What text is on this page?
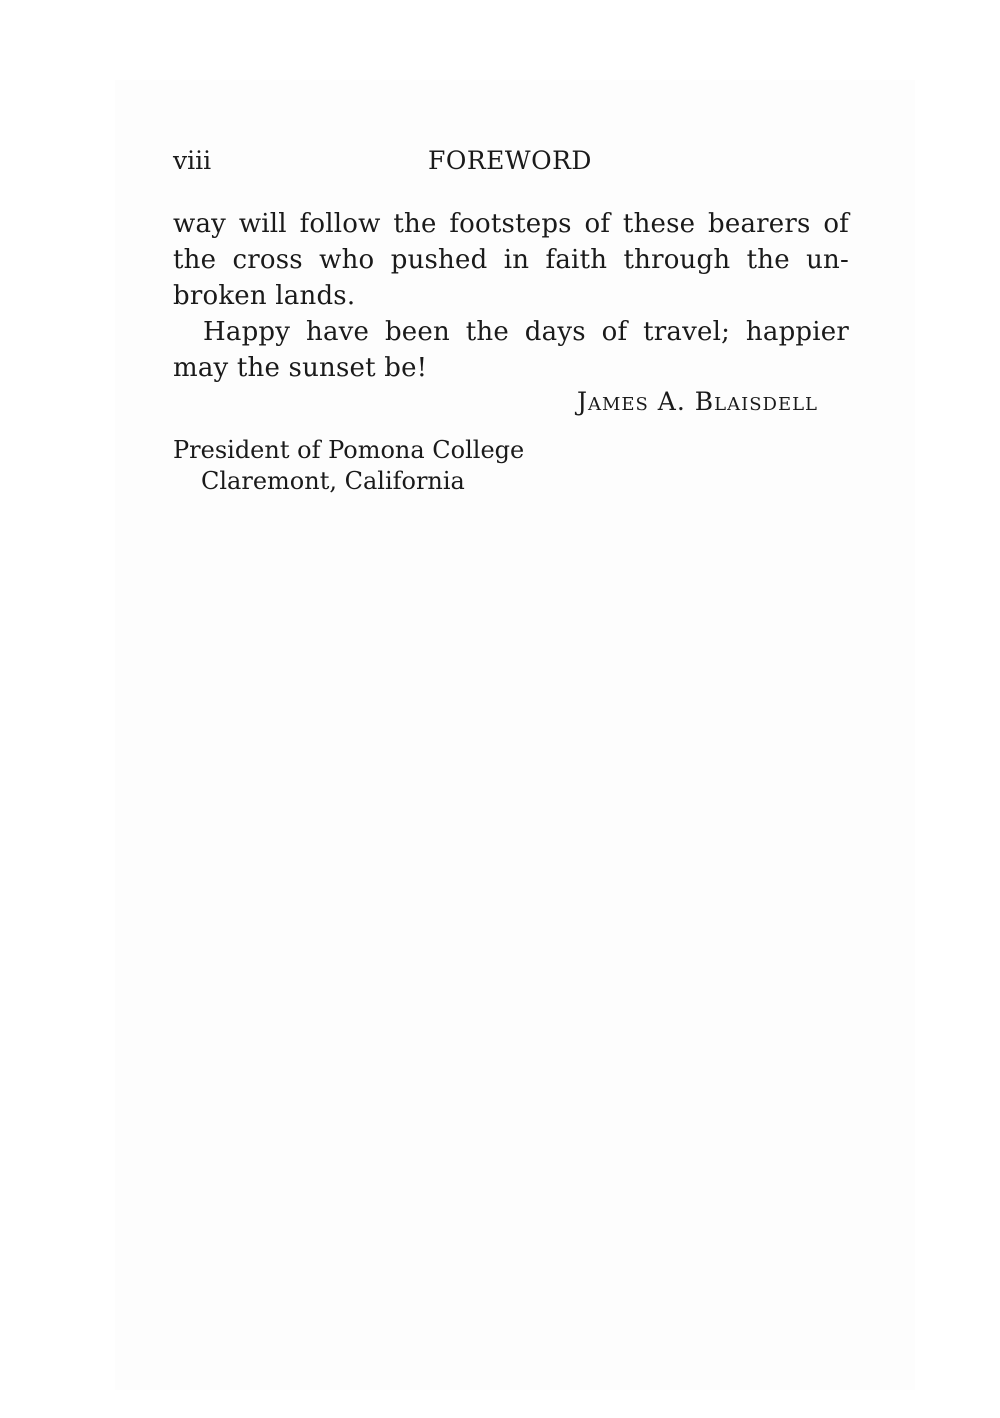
viii	FOREWORD

way will follow the footsteps of these bearers of the cross who pushed in faith through the un-broken lands.

Happy have been the days of travel; happier may the sunset be!

James A. Blaisdell
President of Pomona College
Claremont, California
